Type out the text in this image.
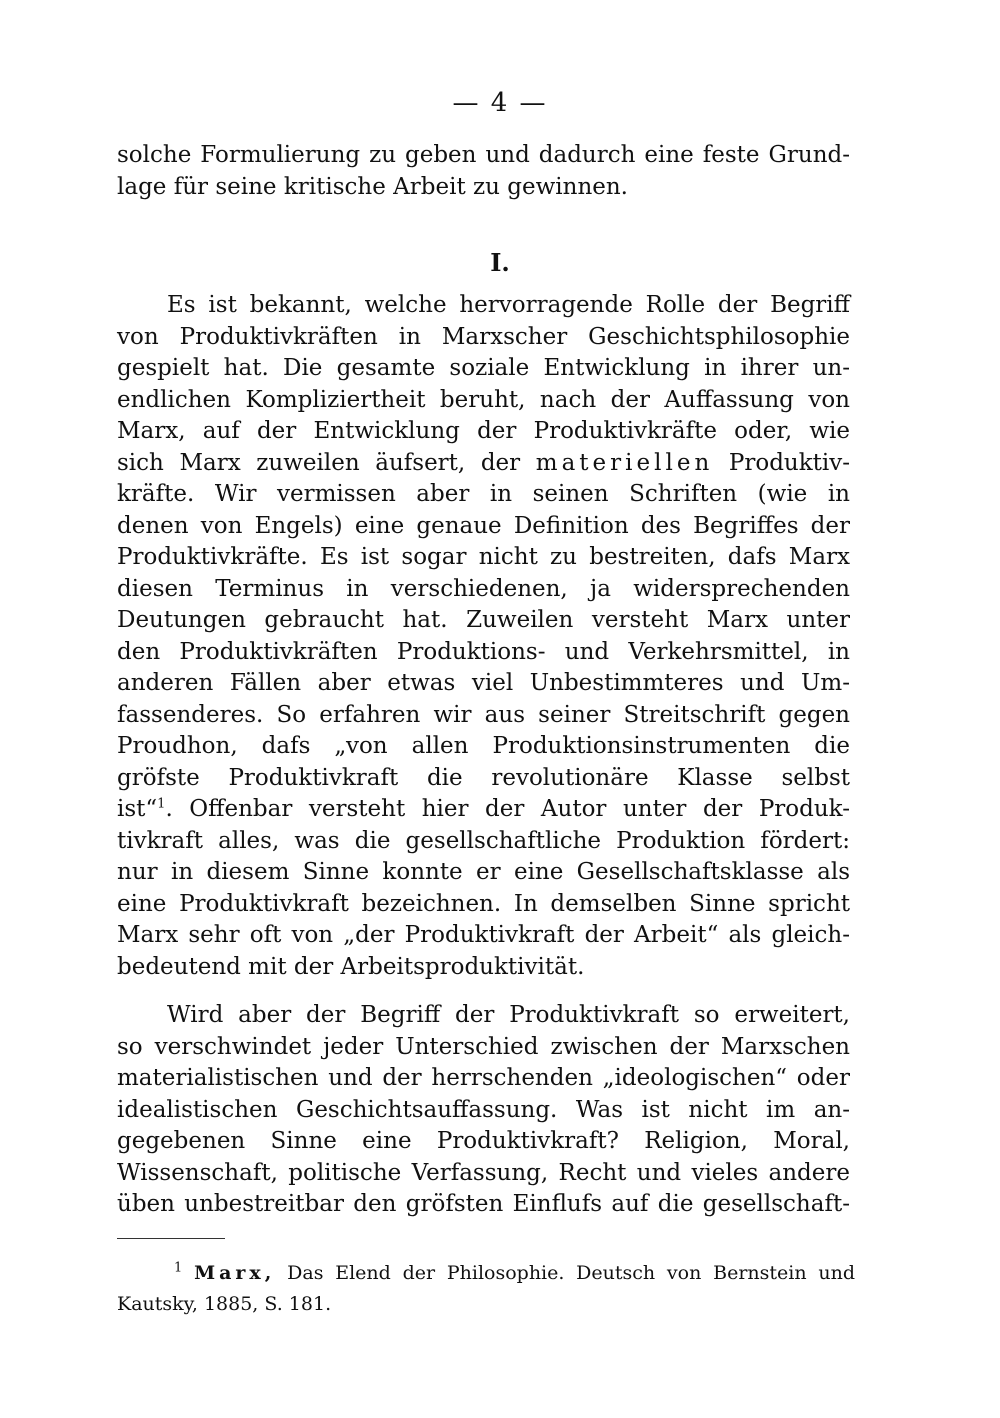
— 4 —
solche Formulierung zu geben und dadurch eine feste Grund-
lage für seine kritische Arbeit zu gewinnen.
I.
Es ist bekannt, welche hervorragende Rolle der Begriff
von Produktivkräften in Marxscher Geschichtsphilosophie
gespielt hat. Die gesamte soziale Entwicklung in ihrer un-
endlichen Kompliziertheit beruht, nach der Auffassung von
Marx, auf der Entwicklung der Produktivkräfte oder, wie
sich Marx zuweilen äufsert, der materiellen Produktiv-
kräfte. Wir vermissen aber in seinen Schriften (wie in
denen von Engels) eine genaue Definition des Begriffes der
Produktivkräfte. Es ist sogar nicht zu bestreiten, dafs Marx
diesen Terminus in verschiedenen, ja widersprechenden
Deutungen gebraucht hat. Zuweilen versteht Marx unter
den Produktivkräften Produktions- und Verkehrsmittel, in
anderen Fällen aber etwas viel Unbestimmteres und Um-
fassenderes. So erfahren wir aus seiner Streitschrift gegen
Proudhon, dafs „von allen Produktionsinstrumenten die
gröfste Produktivkraft die revolutionäre Klasse selbst
ist“$^1$. Offenbar versteht hier der Autor unter der Produk-
tivkraft alles, was die gesellschaftliche Produktion fördert:
nur in diesem Sinne konnte er eine Gesellschaftsklasse als
eine Produktivkraft bezeichnen. In demselben Sinne spricht
Marx sehr oft von „der Produktivkraft der Arbeit“ als gleich-
bedeutend mit der Arbeitsproduktivität.
Wird aber der Begriff der Produktivkraft so erweitert,
so verschwindet jeder Unterschied zwischen der Marxschen
materialistischen und der herrschenden „ideologischen“ oder
idealistischen Geschichtsauffassung. Was ist nicht im an-
gegebenen Sinne eine Produktivkraft? Religion, Moral,
Wissenschaft, politische Verfassung, Recht und vieles andere
üben unbestreitbar den gröfsten Einflufs auf die gesellschaft-
$^1$ Marx, Das Elend der Philosophie. Deutsch von Bernstein und
Kautsky, 1885, S. 181.
